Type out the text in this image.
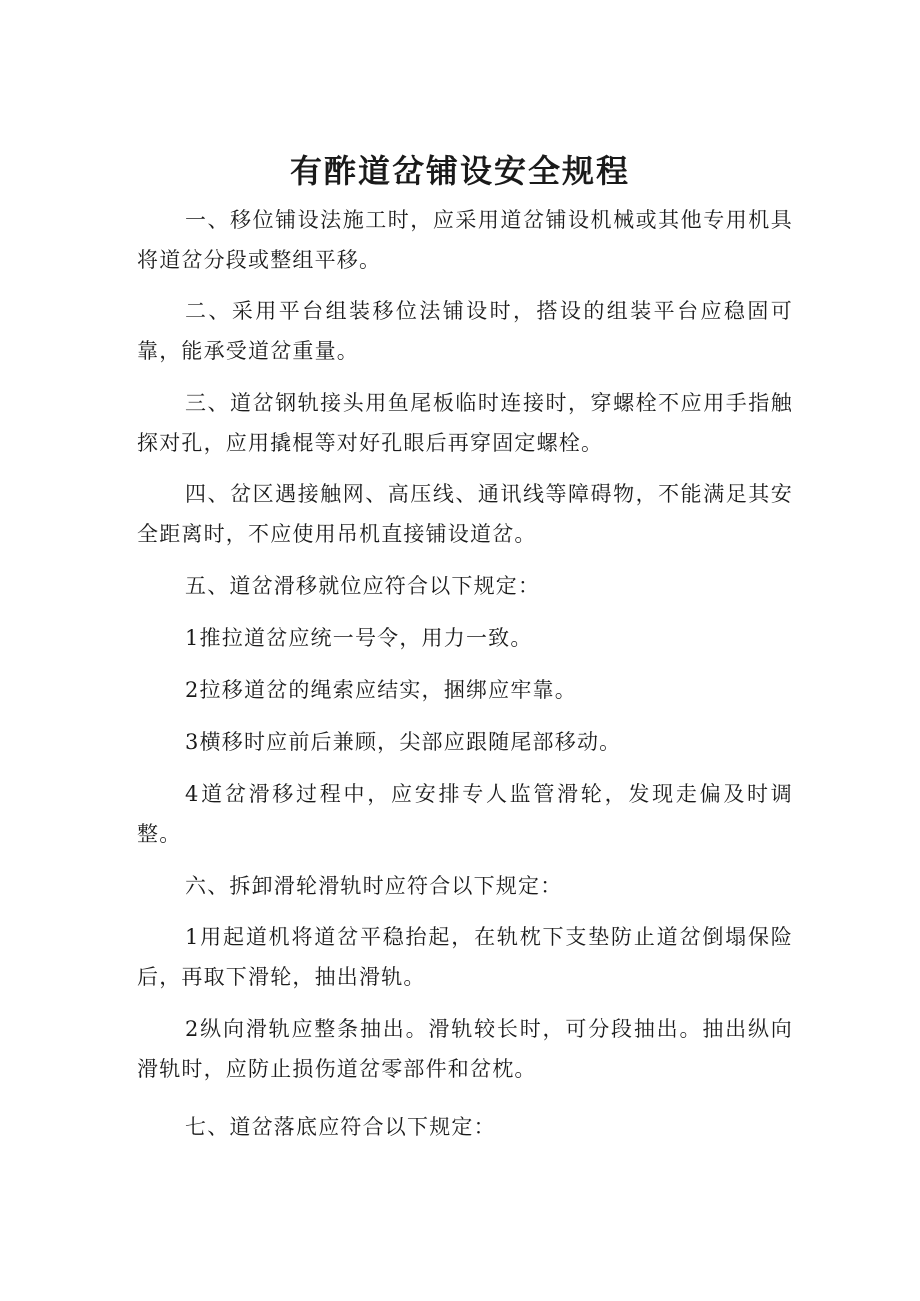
有酢道岔铺设安全规程

一、移位铺设法施工时，应采用道岔铺设机械或其他专用机具将道岔分段或整组平移。

二、采用平台组装移位法铺设时，搭设的组装平台应稳固可靠，能承受道岔重量。

三、道岔钢轨接头用鱼尾板临时连接时，穿螺栓不应用手指触探对孔，应用撬棍等对好孔眼后再穿固定螺栓。

四、岔区遇接触网、高压线、通讯线等障碍物，不能满足其安全距离时，不应使用吊机直接铺设道岔。

五、道岔滑移就位应符合以下规定：

1推拉道岔应统一号令，用力一致。

2拉移道岔的绳索应结实，捆绑应牢靠。

3横移时应前后兼顾，尖部应跟随尾部移动。

4道岔滑移过程中，应安排专人监管滑轮，发现走偏及时调整。

六、拆卸滑轮滑轨时应符合以下规定：

1用起道机将道岔平稳抬起，在轨枕下支垫防止道岔倒塌保险后，再取下滑轮，抽出滑轨。

2纵向滑轨应整条抽出。滑轨较长时，可分段抽出。抽出纵向滑轨时，应防止损伤道岔零部件和岔枕。

七、道岔落底应符合以下规定：
